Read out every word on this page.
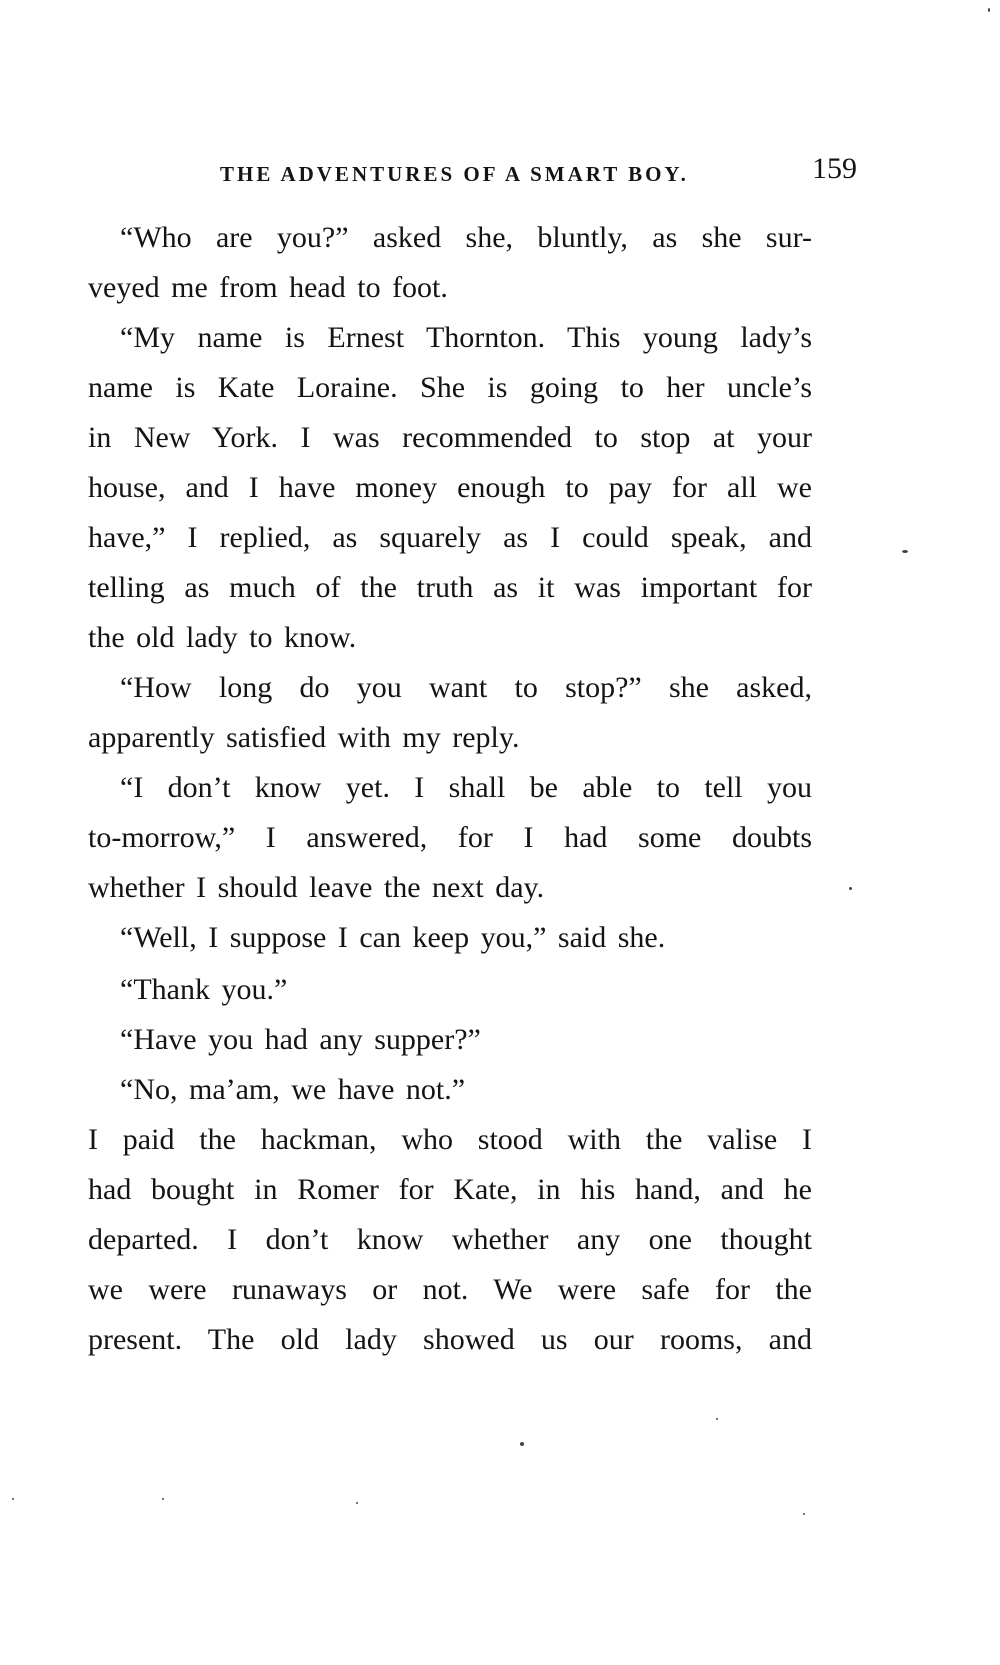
THE ADVENTURES OF A SMART BOY.	159
“Who are you?” asked she, bluntly, as she sur-
veyed me from head to foot.
“My name is Ernest Thornton. This young lady’s
name is Kate Loraine. She is going to her uncle’s
in New York. I was recommended to stop at your
house, and I have money enough to pay for all we
have,” I replied, as squarely as I could speak, and
telling as much of the truth as it was important for
the old lady to know.
“How long do you want to stop?” she asked,
apparently satisfied with my reply.
“I don’t know yet. I shall be able to tell you
to-morrow,” I answered, for I had some doubts
whether I should leave the next day.
“Well, I suppose I can keep you,” said she.
“Thank you.”
“Have you had any supper?”
“No, ma’am, we have not.”
I paid the hackman, who stood with the valise I
had bought in Romer for Kate, in his hand, and he
departed. I don’t know whether any one thought
we were runaways or not. We were safe for the
present. The old lady showed us our rooms, and
